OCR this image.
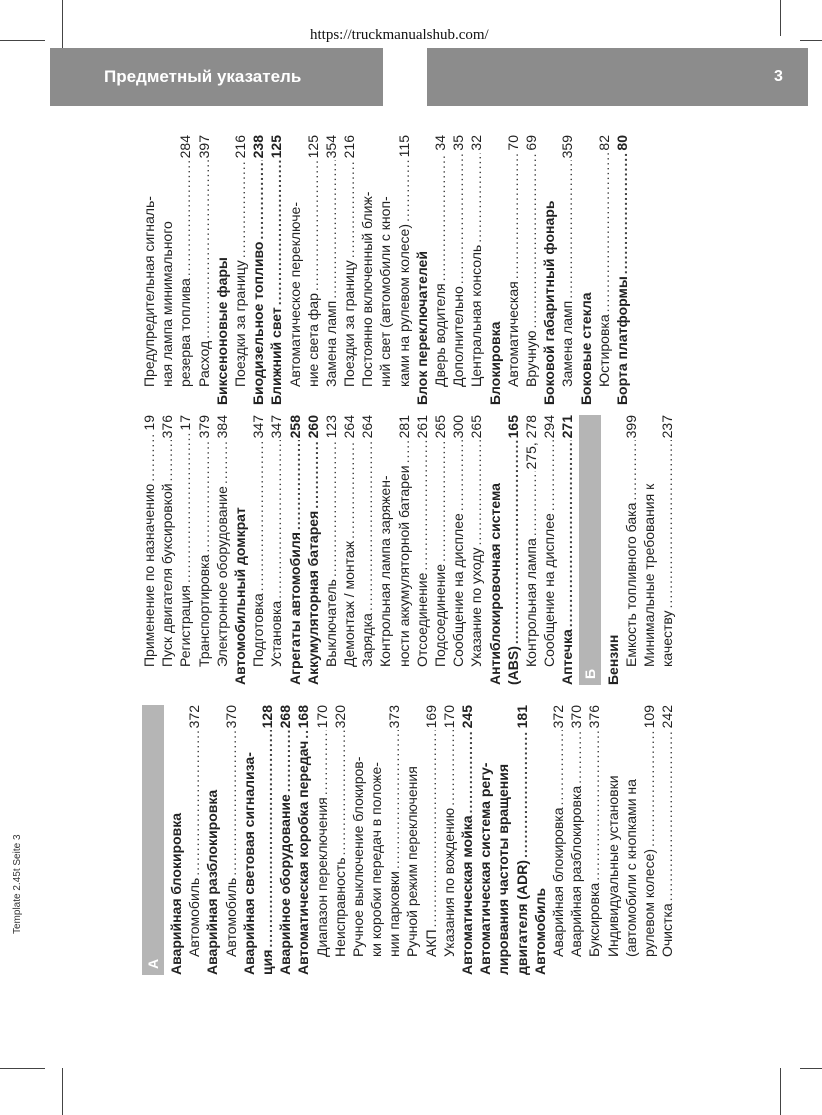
https://truckmanualshub.com/
Template 2.45t Seite 3
Предметный указатель	3
А Аварийная блокировка Автомобиль
.....
372
Аварийная разблокировка Автомобиль
.....
370
Аварийная световая сигнализа- ция
.....
128
Аварийное оборудование
.....
268
Автоматическая коробка передач
.....
168
Диапазон переключения
.....
170
Неисправность
.....
320
Ручное выключение блокиров- ки коробки передач в положе- нии парковки
.....
373
Ручной режим переключения АКП
.....
169
Указания по вождению
.....
170
Автоматическая мойка
.....
245
Автоматическая система регу- лирования частоты вращения двигателя (ADR)
.....
181
Автомобиль Аварийная блокировка
.....
372
Аварийная разблокировка
.....
370
Буксировка
.....
376
Индивидуальные установки (автомобили с кнопками на рулевом колесе)
.....
109
Очистка
.....
242
Применение по назначению
.....
19
Пуск двигателя буксировкой
.....
376
Регистрация
.....
17
Транспортировка
.....
379
Электронное оборудование
.....
384
Автомобильный домкрат Подготовка
.....
347
Установка
.....
347
Агрегаты автомобиля
.....
258
Аккумуляторная батарея
.....
260
Выключатель
.....
123
Демонтаж / монтаж
.....
264
Зарядка
.....
264
Контрольная лампа заряжен- ности аккумуляторной батареи
.....
281
Отсоединение
.....
261
Подсоединение
.....
265
Сообщение на дисплее
.....
300
Указание по уходу
.....
265
Антиблокировочная система (ABS)
.....
165
Контрольная лампа
.....
275, 278
Сообщение на дисплее
.....
294
Аптечка
.....
271
Б Бензин Емкость топливного бака
.....
399
Минимальные требования к качеству
.....
237
Предупредительная сигналь- ная лампа минимального резерва топлива
.....
284
Расход
.....
397
Биксеноновые фары Поездки за границу
.....
216
Биодизельное топливо
.....
238
Ближний свет
.....
125
Автоматическое переключе- ние света фар
.....
125
Замена ламп
.....
354
Поездки за границу
.....
216
Постоянно включенный ближ- ний свет (автомобили с кноп- ками на рулевом колесе)
.....
115
Блок переключателей Дверь водителя
.....
34
Дополнительно
.....
35
Центральная консоль
.....
32
Блокировка Автоматическая
.....
70
Вручную
.....
69
Боковой габаритный фонарь Замена ламп
.....
359
Боковые стекла Юстировка
.....
82
Борта платформы
.....
80
